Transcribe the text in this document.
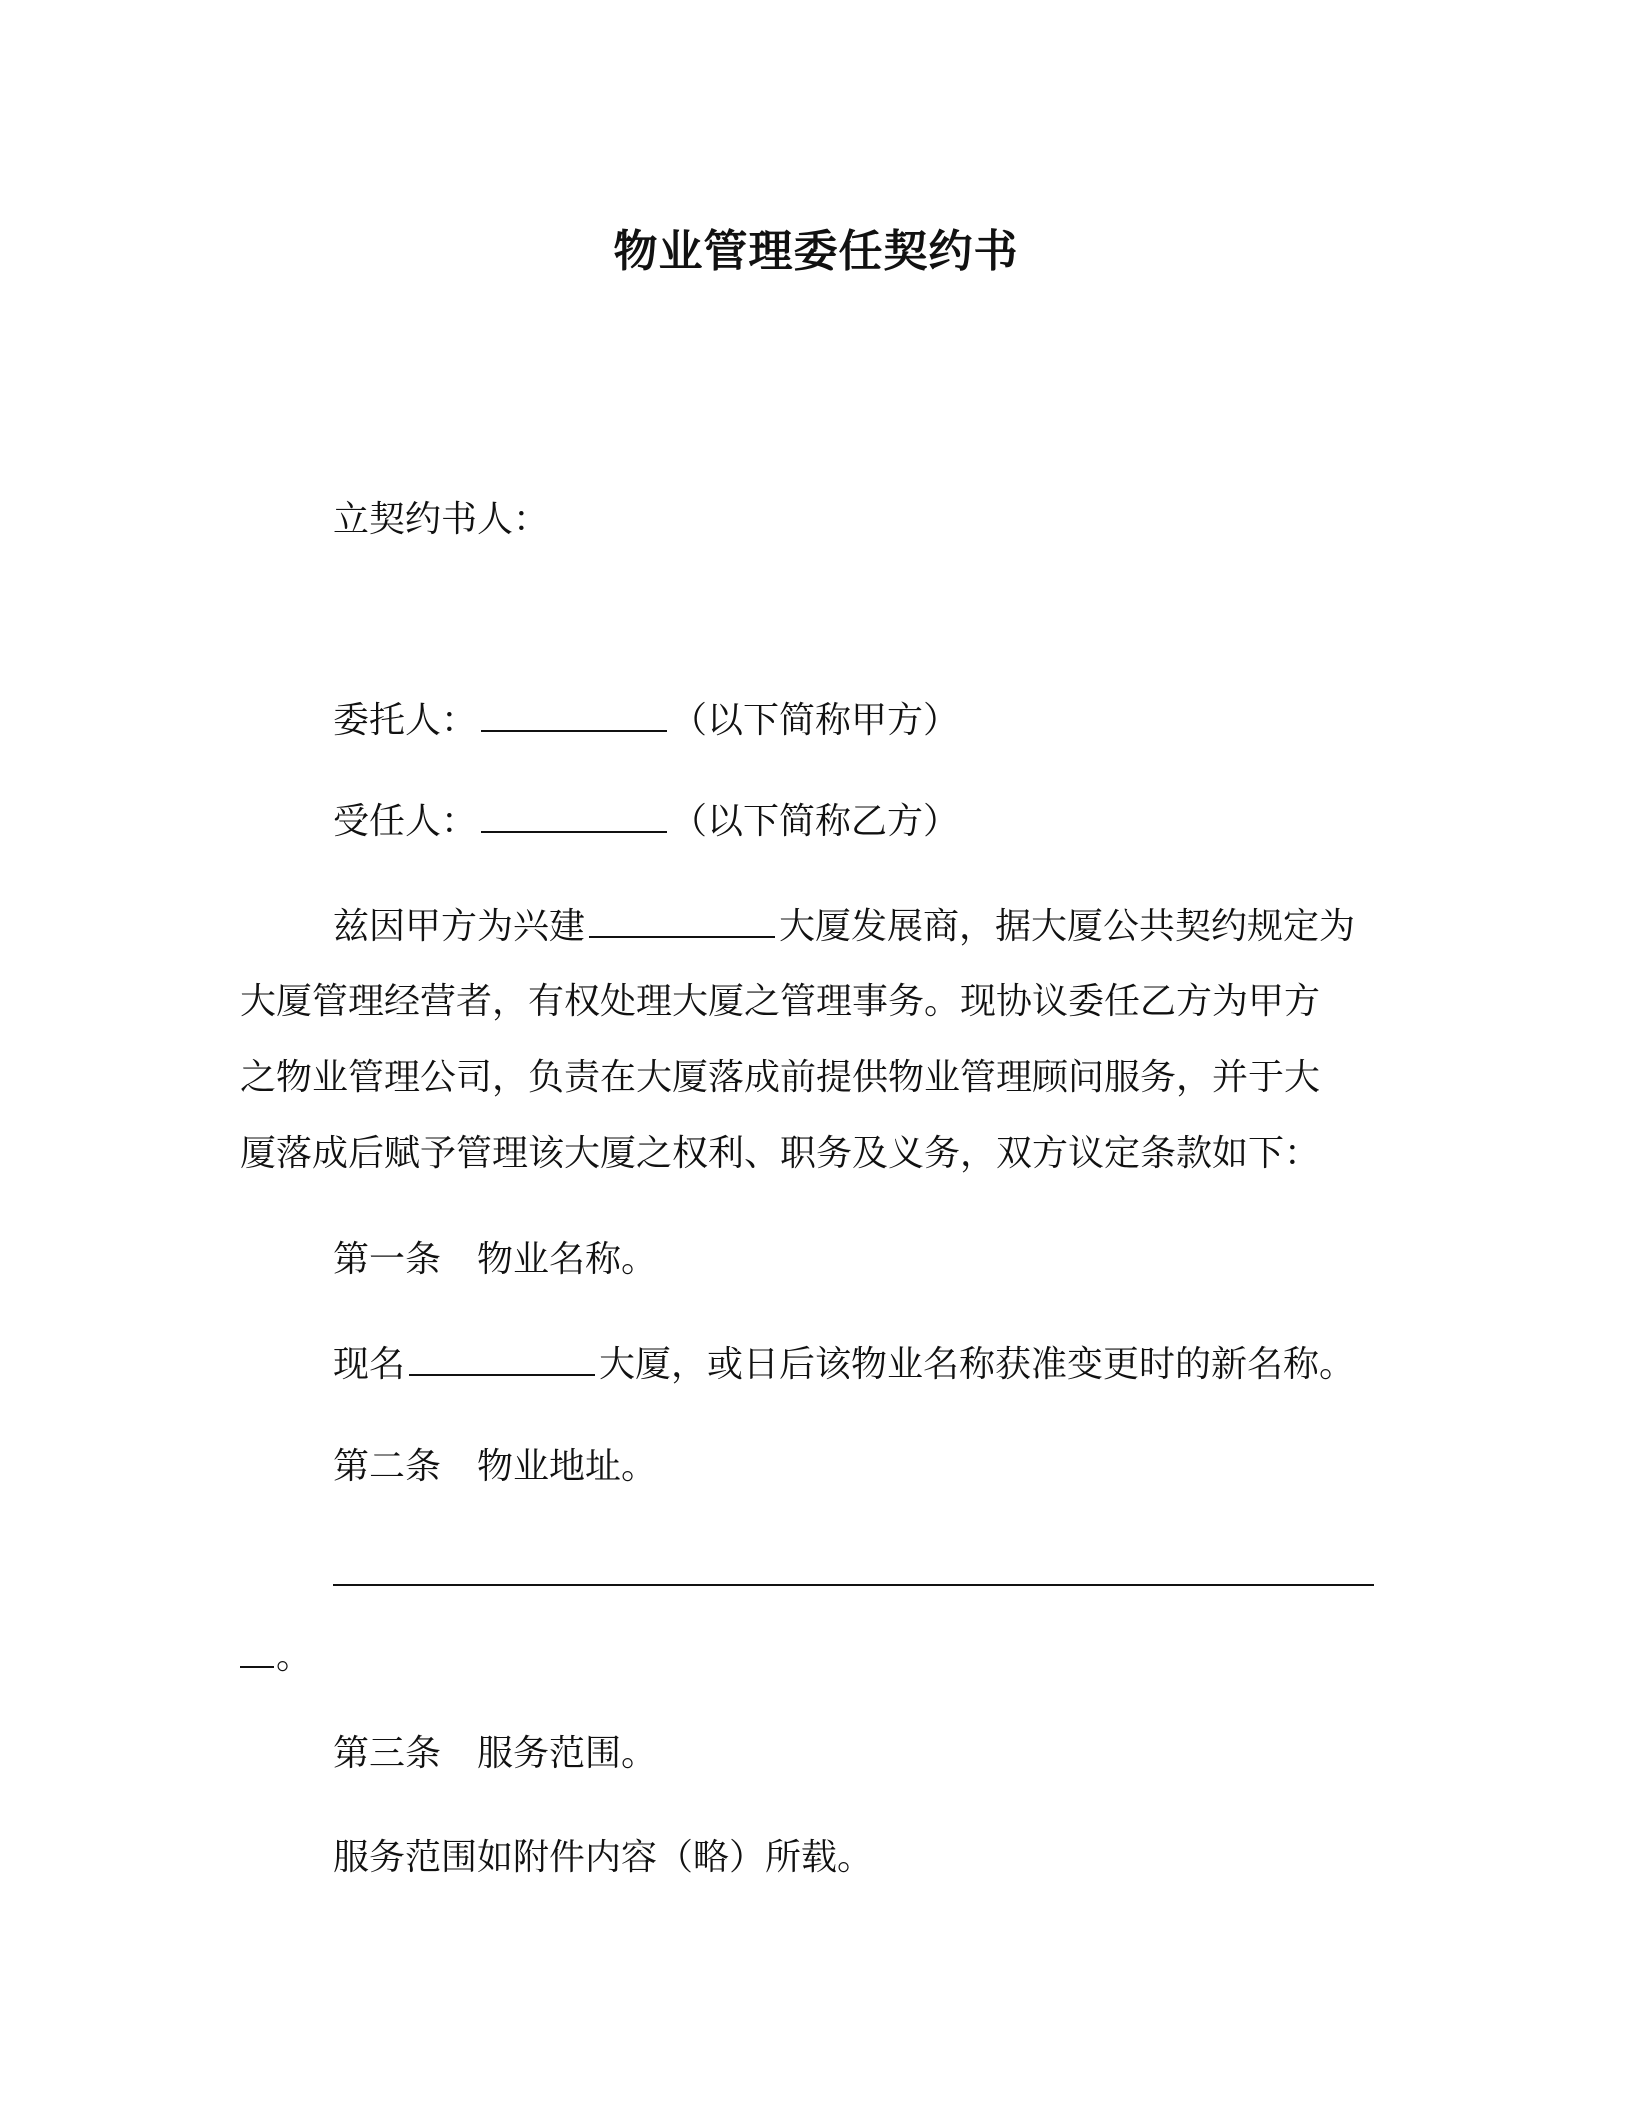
物业管理委任契约书
立契约书人：
委托人：	（以下简称甲方）
受任人：	（以下简称乙方）
兹因甲方为兴建	大厦发展商，据大厦公共契约规定为
大厦管理经营者，有权处理大厦之管理事务。现协议委任乙方为甲方
之物业管理公司，负责在大厦落成前提供物业管理顾问服务，并于大
厦落成后赋予管理该大厦之权利、职务及义务，双方议定条款如下：
第一条　物业名称。
现名	大厦，或日后该物业名称获准变更时的新名称。
第二条　物业地址。
。
第三条　服务范围。
服务范围如附件内容（略）所载。
